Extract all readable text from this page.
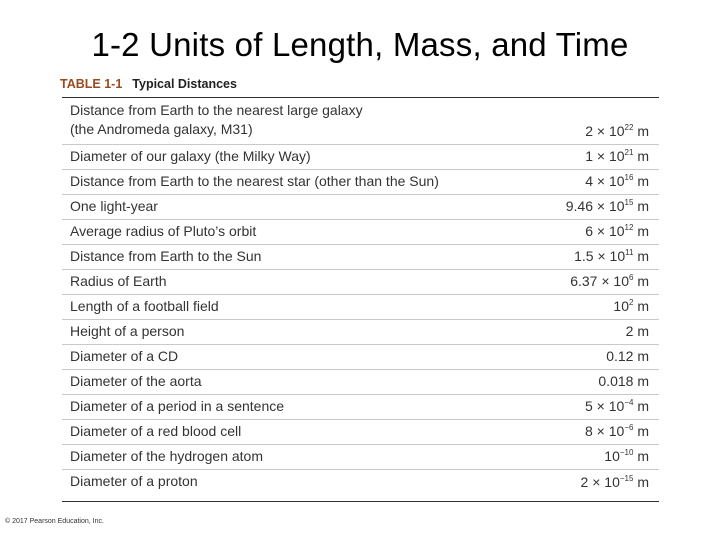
1-2 Units of Length, Mass, and Time
TABLE 1-1 Typical Distances
Distance from Earth to the nearest large galaxy
(the Andromeda galaxy, M31)	$2 \times 10^{22}$ m
Diameter of our galaxy (the Milky Way)	$1 \times 10^{21}$ m
Distance from Earth to the nearest star (other than the Sun)	$4 \times 10^{16}$ m
One light-year	$9.46 \times 10^{15}$ m
Average radius of Pluto’s orbit	$6 \times 10^{12}$ m
Distance from Earth to the Sun	$1.5 \times 10^{11}$ m
Radius of Earth	$6.37 \times 10^6$ m
Length of a football field	$10^2$ m
Height of a person	2 m
Diameter of a CD	0.12 m
Diameter of the aorta	0.018 m
Diameter of a period in a sentence	$5 \times 10^{-4}$ m
Diameter of a red blood cell	$8 \times 10^{-6}$ m
Diameter of the hydrogen atom	$10^{-10}$ m
Diameter of a proton	$2 \times 10^{-15}$ m
© 2017 Pearson Education, Inc.
